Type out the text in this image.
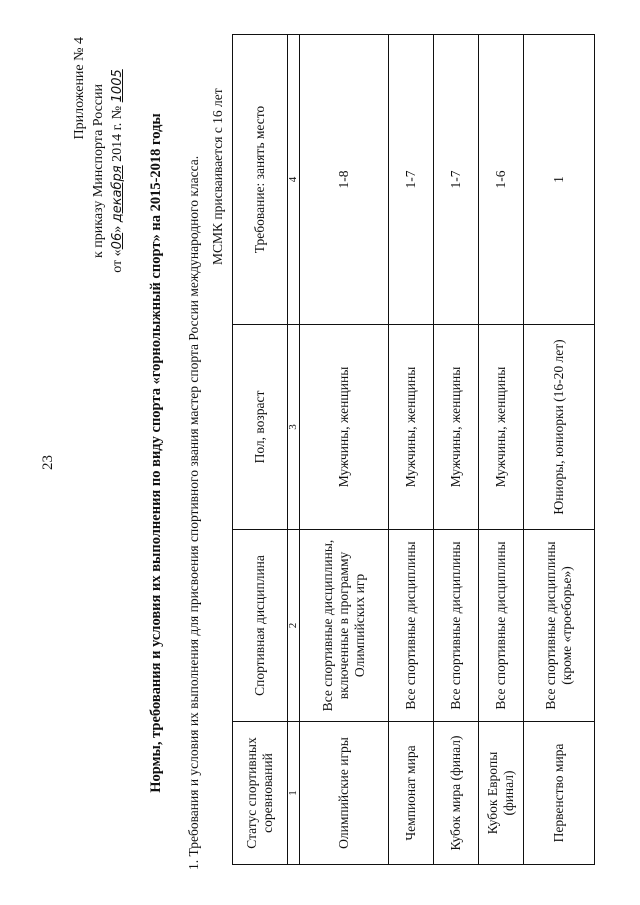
23
Приложение № 4 к приказу Минспорта России
от «06» декабря 2014 г. № 1005
Нормы, требования и условия их выполнения по виду спорта «горнолыжный спорт» на 2015-2018 годы 1. Требования и условия их выполнения для присвоения спортивного звания мастер спорта России международного класса. МСМК присваивается с 16 лет
Статус спортивных соревнований	Спортивная дисциплина	Пол, возраст	Требование: занять место
1	2	3	4
Олимпийские игры	Все спортивные дисциплины, включенные в программу Олимпийских игр	Мужчины, женщины	1-8
Чемпионат мира	Все спортивные дисциплины	Мужчины, женщины	1-7
Кубок мира (финал)	Все спортивные дисциплины	Мужчины, женщины	1-7
Кубок Европы (финал)	Все спортивные дисциплины	Мужчины, женщины	1-6
Первенство мира	Все спортивные дисциплины (кроме «троеборье»)	Юниоры, юниорки (16-20 лет)	1
